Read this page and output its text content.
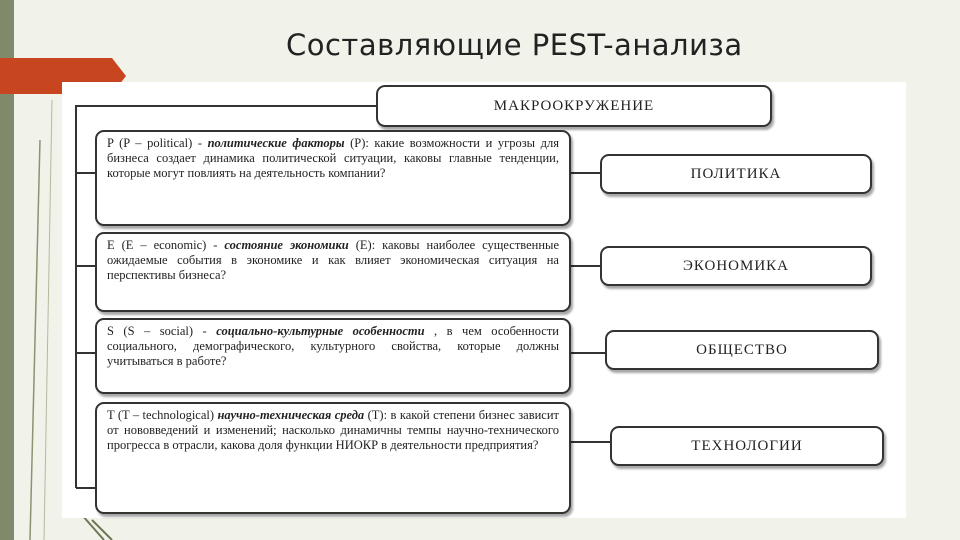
Составляющие PEST-анализа
МАКРООКРУЖЕНИЕ
P (P – political) - политические факторы (P): какие возможности и угрозы для бизнеса создает динамика политической ситуации, каковы главные тенденции, которые могут повлиять на деятельность компании?	ПОЛИТИКА
E (E – economic) - состояние экономики (E): каковы наиболее существенные ожидаемые события в экономике и как влияет экономическая ситуация на перспективы бизнеса?
ЭКОНОМИКА
S (S – social) - социально-культурные особенности , в чем особенности социального, демографического, культурного свойства, которые должны учитываться в работе?
ОБЩЕСТВО
T (T – technological) научно-техническая среда (T): в какой степени бизнес зависит от нововведений и изменений; насколько динамичны темпы научно-технического прогресса в отрасли, какова доля функции НИОКР в деятельности предприятия?	ТЕХНОЛОГИИ
